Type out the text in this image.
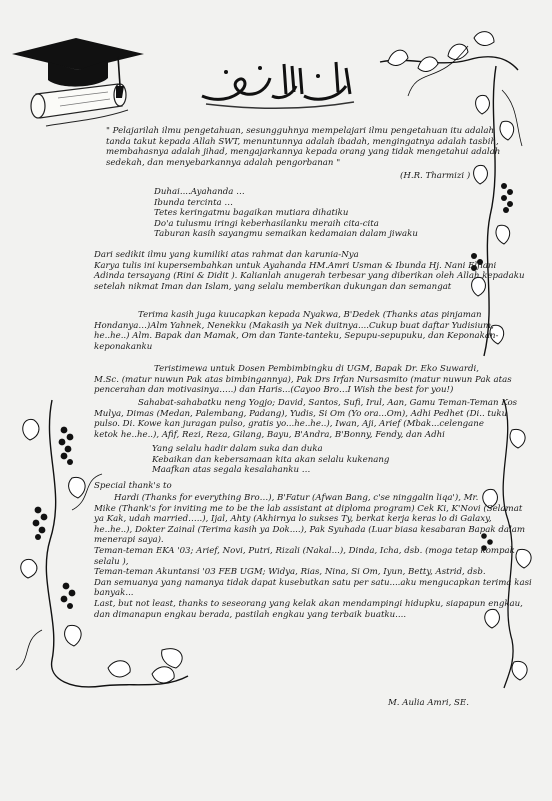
" Pelajarilah ilmu pengetahuan, sesungguhnya mempelajari ilmu pengetahuan itu adalah

tanda takut kepada Allah SWT, menuntunnya adalah ibadah, mengingatnya adalah tasbih,

membahasnya adalah jihad, mengajarkannya kepada orang yang tidak mengetahui adalah

sedekah, dan menyebarkannya adalah pengorbanan "

(H.R. Tharmizi )

Duhai....Ayahanda …

Ibunda tercinta …

Tetes keringatmu bagaikan mutiara dihatiku

Do'a tulusmu iringi keberhasilanku meraih cita-cita

Taburan kasih sayangmu semaikan kedamaian dalam jiwaku

Dari sedikit ilmu yang kumiliki atas rahmat dan karunia-Nya

Karya tulis ini kupersembahkan untuk Ayahanda HM.Amri Usman & Ibunda Hj. Nani Elfiani

Adinda tersayang (Rini & Didit ). Kalianlah anugerah terbesar yang diberikan oleh Allah kepadaku

setelah nikmat Iman dan Islam, yang selalu memberikan dukungan dan semangat

Terima kasih juga kuucapkan kepada Nyakwa, B'Dedek (Thanks atas pinjaman

Hondanya…)Alm Yahnek, Nenekku (Makasih ya Nek duitnya....Cukup buat daftar Yudisium,

he..he..) Alm. Bapak dan Mamak, Om dan Tante-tanteku, Sepupu-sepupuku, dan Keponakan-

keponakanku

Teristimewa untuk Dosen Pembimbingku di UGM, Bapak Dr. Eko Suwardi,

M.Sc. (matur nuwun Pak atas bimbingannya), Pak Drs Irfan Nursasmito (matur nuwun Pak atas

pencerahan dan motivasinya…..) dan Haris...(Cayoo Bro…I Wish the best for you!)

Sahabat-sahabatku neng Yogjo; David, Santos, Sufi, Irul, Aan, Gamu Teman-Teman Kos

Mulya, Dimas (Medan, Palembang, Padang), Yudis, Si Om (Yo ora...Om), Adhi Pedhet (Di.. tuku

pulso. Di. Kowe kan juragan pulso, gratis yo...he..he..), Iwan, Aji, Arief (Mbak...celengane

ketok he..he..), Afif, Rezi, Reza, Gilang, Bayu, B'Andra, B'Bonny, Fendy, dan Adhi

Yang selalu hadir dalam suka dan duka

Kebaikan dan kebersamaan kita akan selalu kukenang

Maafkan atas segala kesalahanku …

Special thank's to

Hardi (Thanks for everything Bro…), B'Fatur (Afwan Bang, c'se ninggalin liqa'), Mr.

Mike (Thank's for inviting me to be the lab assistant at diploma program) Cek Ki, K'Novi (Selamat

ya Kak, udah married…..), Ijal, Ahty (Akhirnya lo sukses Ty, berkat kerja keras lo di Galaxy,

he..he..), Dokter Zainal (Terima kasih ya Dok....), Pak Syuhada (Luar biasa kesabaran Bapak dalam

menerapi saya).

Teman-teman EKA '03; Arief, Novi, Putri, Rizali (Nakal...), Dinda, Icha, dsb. (moga tetap kompak

selalu ),

Teman-teman Akuntansi '03 FEB UGM; Widya, Rias, Nina, Si Om, Iyun, Betty, Astrid, dsb.

Dan semuanya yang namanya tidak dapat kusebutkan satu per satu....aku mengucapkan terima kasi

banyak...

Last, but not least, thanks to seseorang yang kelak akan mendampingi hidupku, siapapun engkau,

dan dimanapun engkau berada, pastilah engkau yang terbaik buatku....

M. Aulia Amri, SE.
